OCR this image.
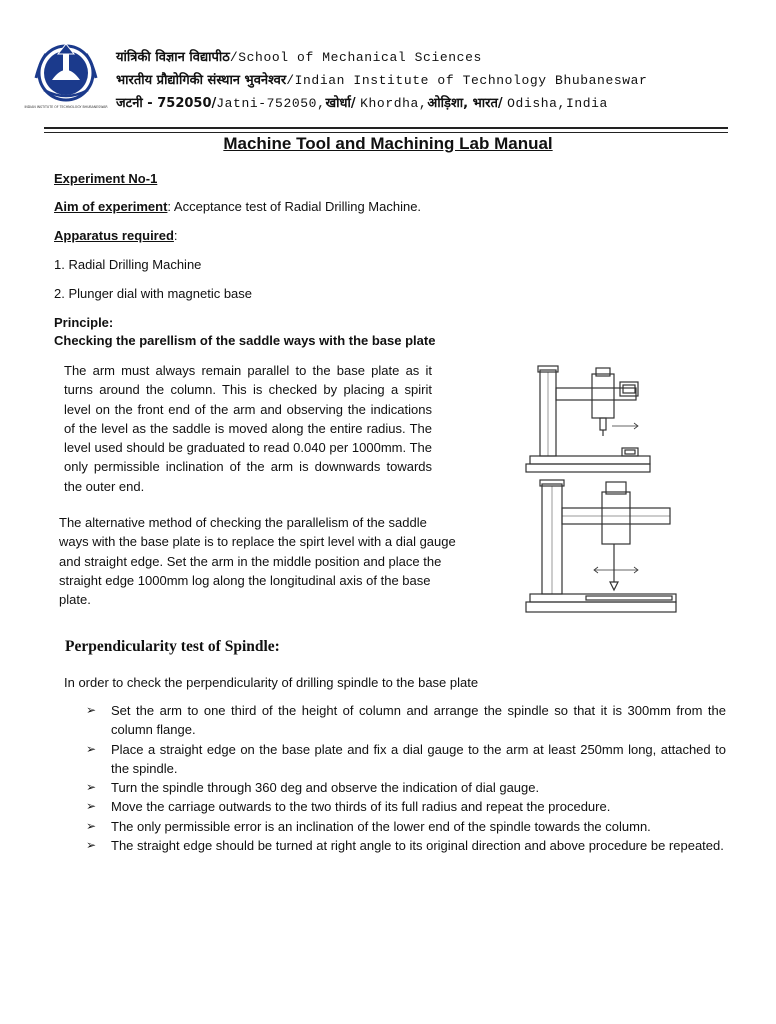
INDIAN INSTITUTE OF TECHNOLOGY BHUBANESWAR
यांत्रिकी विज्ञान विद्यापीठ/School of Mechanical Sciences
भारतीय प्रौद्योगिकी संस्थान भुवनेश्वर/Indian Institute of Technology Bhubaneswar
जटनी - 752050/Jatni-752050,खोर्धा/ Khordha,ओड़िशा, भारत/ Odisha,India
Machine Tool and Machining Lab Manual
Experiment No-1
Aim of experiment: Acceptance test of Radial Drilling Machine.
Apparatus required:
1. Radial Drilling Machine
2. Plunger dial with magnetic base
Principle:
Checking the parellism of the saddle ways with the base plate
The arm must always remain parallel to the base plate as it turns around the column. This is checked by placing a spirit level on the front end of the arm and observing the indications of the level as the saddle is moved along the entire radius. The level used should be graduated to read 0.040 per 1000mm. The only permissible inclination of the arm is downwards towards the outer end.
The alternative method of checking the parallelism of the saddle ways with the base plate is to replace the spirt level with a dial gauge and straight edge. Set the arm in the middle position and place the straight edge 1000mm log along the longitudinal axis of the base plate.
Perpendicularity test of Spindle:
In order to check the perpendicularity of drilling spindle to the base plate
➢ Set the arm to one third of the height of column and arrange the spindle so that it is 300mm from the column flange.
➢ Place a straight edge on the base plate and fix a dial gauge to the arm at least 250mm long, attached to the spindle.
➢ Turn the spindle through 360 deg and observe the indication of dial gauge.
➢ Move the carriage outwards to the two thirds of its full radius and repeat the procedure.
➢ The only permissible error is an inclination of the lower end of the spindle towards the column.
➢ The straight edge should be turned at right angle to its original direction and above procedure be repeated.
